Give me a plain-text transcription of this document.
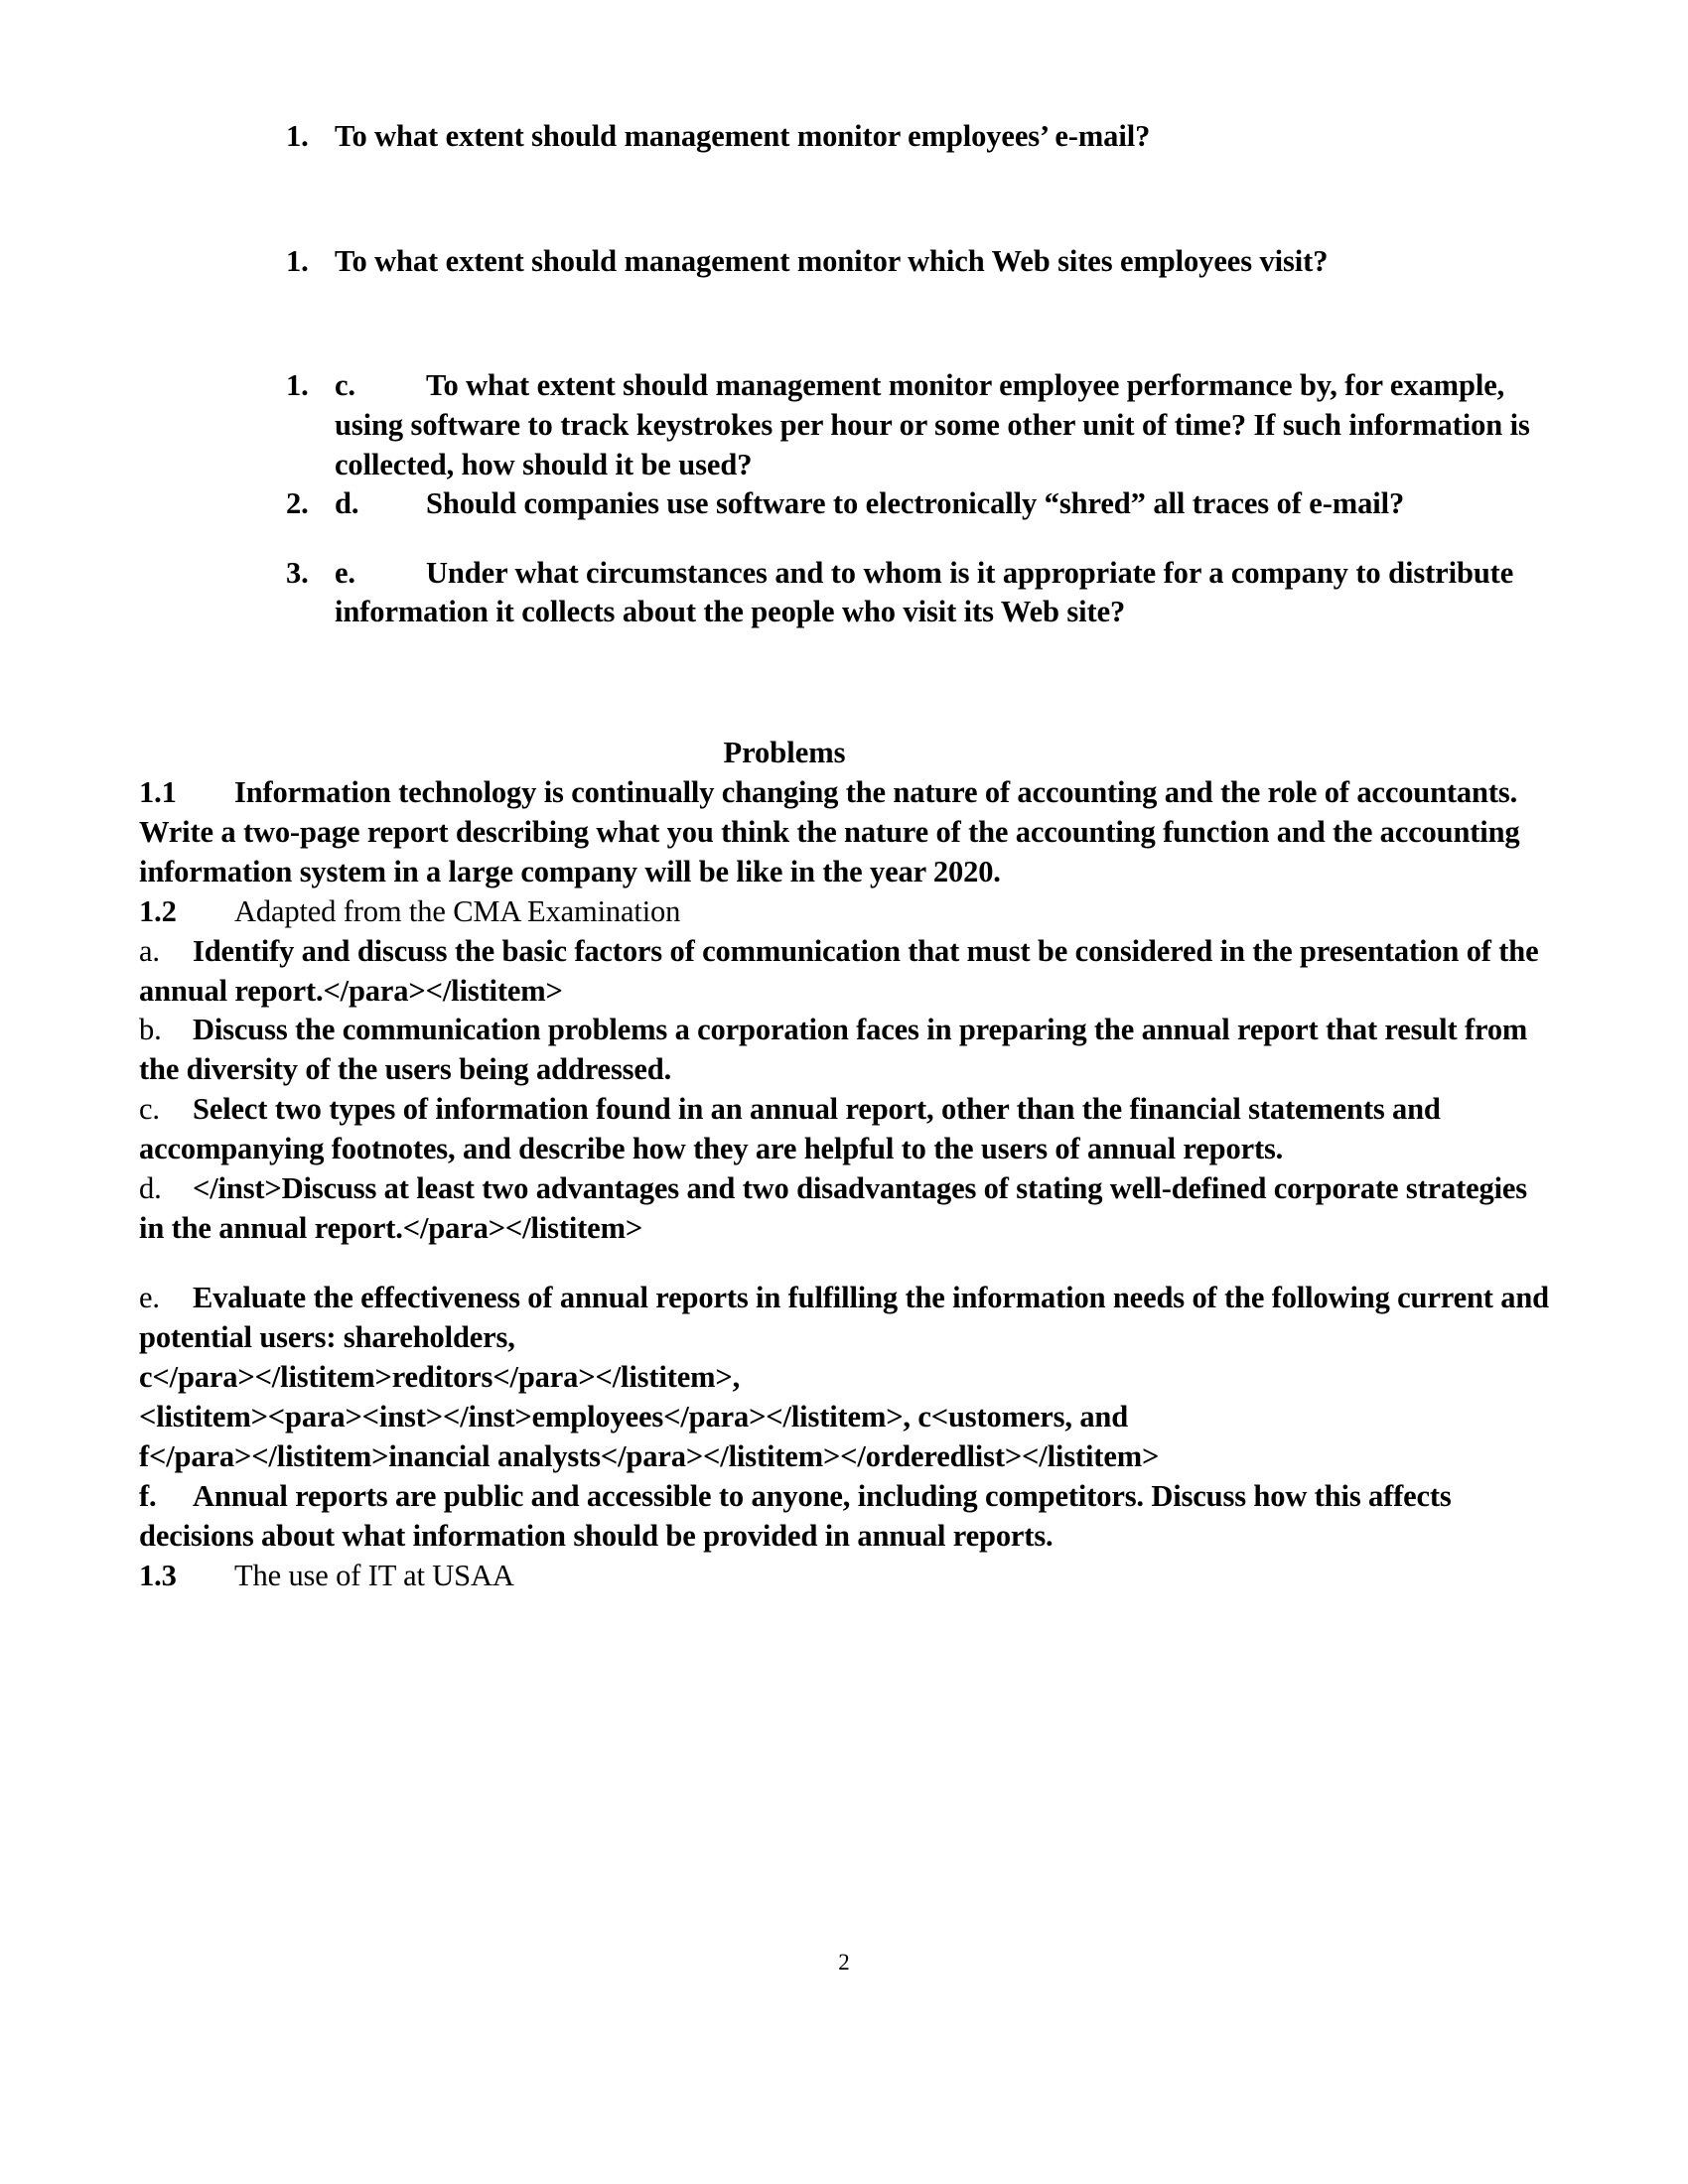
1. To what extent should management monitor employees’ e-mail?
1. To what extent should management monitor which Web sites employees visit?
1. c. To what extent should management monitor employee performance by, for example, using software to track keystrokes per hour or some other unit of time? If such information is collected, how should it be used?
2. d. Should companies use software to electronically “shred” all traces of e-mail?
3. e. Under what circumstances and to whom is it appropriate for a company to distribute information it collects about the people who visit its Web site?
Problems

1.1 Information technology is continually changing the nature of accounting and the role of accountants. Write a two-page report describing what you think the nature of the accounting function and the accounting information system in a large company will be like in the year 2020.

1.2 Adapted from the CMA Examination

a. Identify and discuss the basic factors of communication that must be considered in the presentation of the annual report.</para></listitem>

b. Discuss the communication problems a corporation faces in preparing the annual report that result from the diversity of the users being addressed.

c. Select two types of information found in an annual report, other than the financial statements and accompanying footnotes, and describe how they are helpful to the users of annual reports.

d. </inst>Discuss at least two advantages and two disadvantages of stating well-defined corporate strategies in the annual report.</para></listitem>

e. Evaluate the effectiveness of annual reports in fulfilling the information needs of the following current and potential users: shareholders,

c</para></listitem>reditors</para></listitem>,

<listitem><para><inst></inst>employees</para></listitem>, c<ustomers, and

f</para></listitem>inancial analysts</para></listitem></orderedlist></listitem>

f. Annual reports are public and accessible to anyone, including competitors. Discuss how this affects decisions about what information should be provided in annual reports.

1.3 The use of IT at USAA

2
